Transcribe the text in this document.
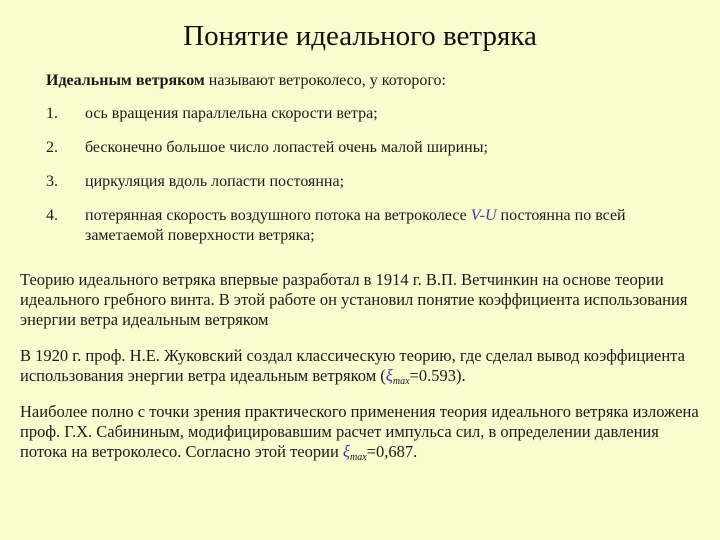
Понятие идеального ветряка
Идеальным ветряком называют ветроколесо, у которого:
1. ось вращения параллельна скорости ветра;
2. бесконечно большое число лопастей очень малой ширины;
3. циркуляция вдоль лопасти постоянна;
4. потерянная скорость воздушного потока на ветроколесе V-U постоянна по всей заметаемой поверхности ветряка;
Теорию идеального ветряка впервые разработал в 1914 г. В.П. Ветчинкин на основе теории идеального гребного винта. В этой работе он установил понятие коэффициента использования энергии ветра идеальным ветряком
В 1920 г. проф. Н.Е. Жуковский создал классическую теорию, где сделал вывод коэффициента использования энергии ветра идеальным ветряком $(\xi_{max}=0.593)$.
Наиболее полно с точки зрения практического применения теория идеального ветряка изложена проф. Г.Х. Сабининым, модифицировавшим расчет импульса сил, в определении давления потока на ветроколесо. Согласно этой теории $\xi_{max}=0,687$.
